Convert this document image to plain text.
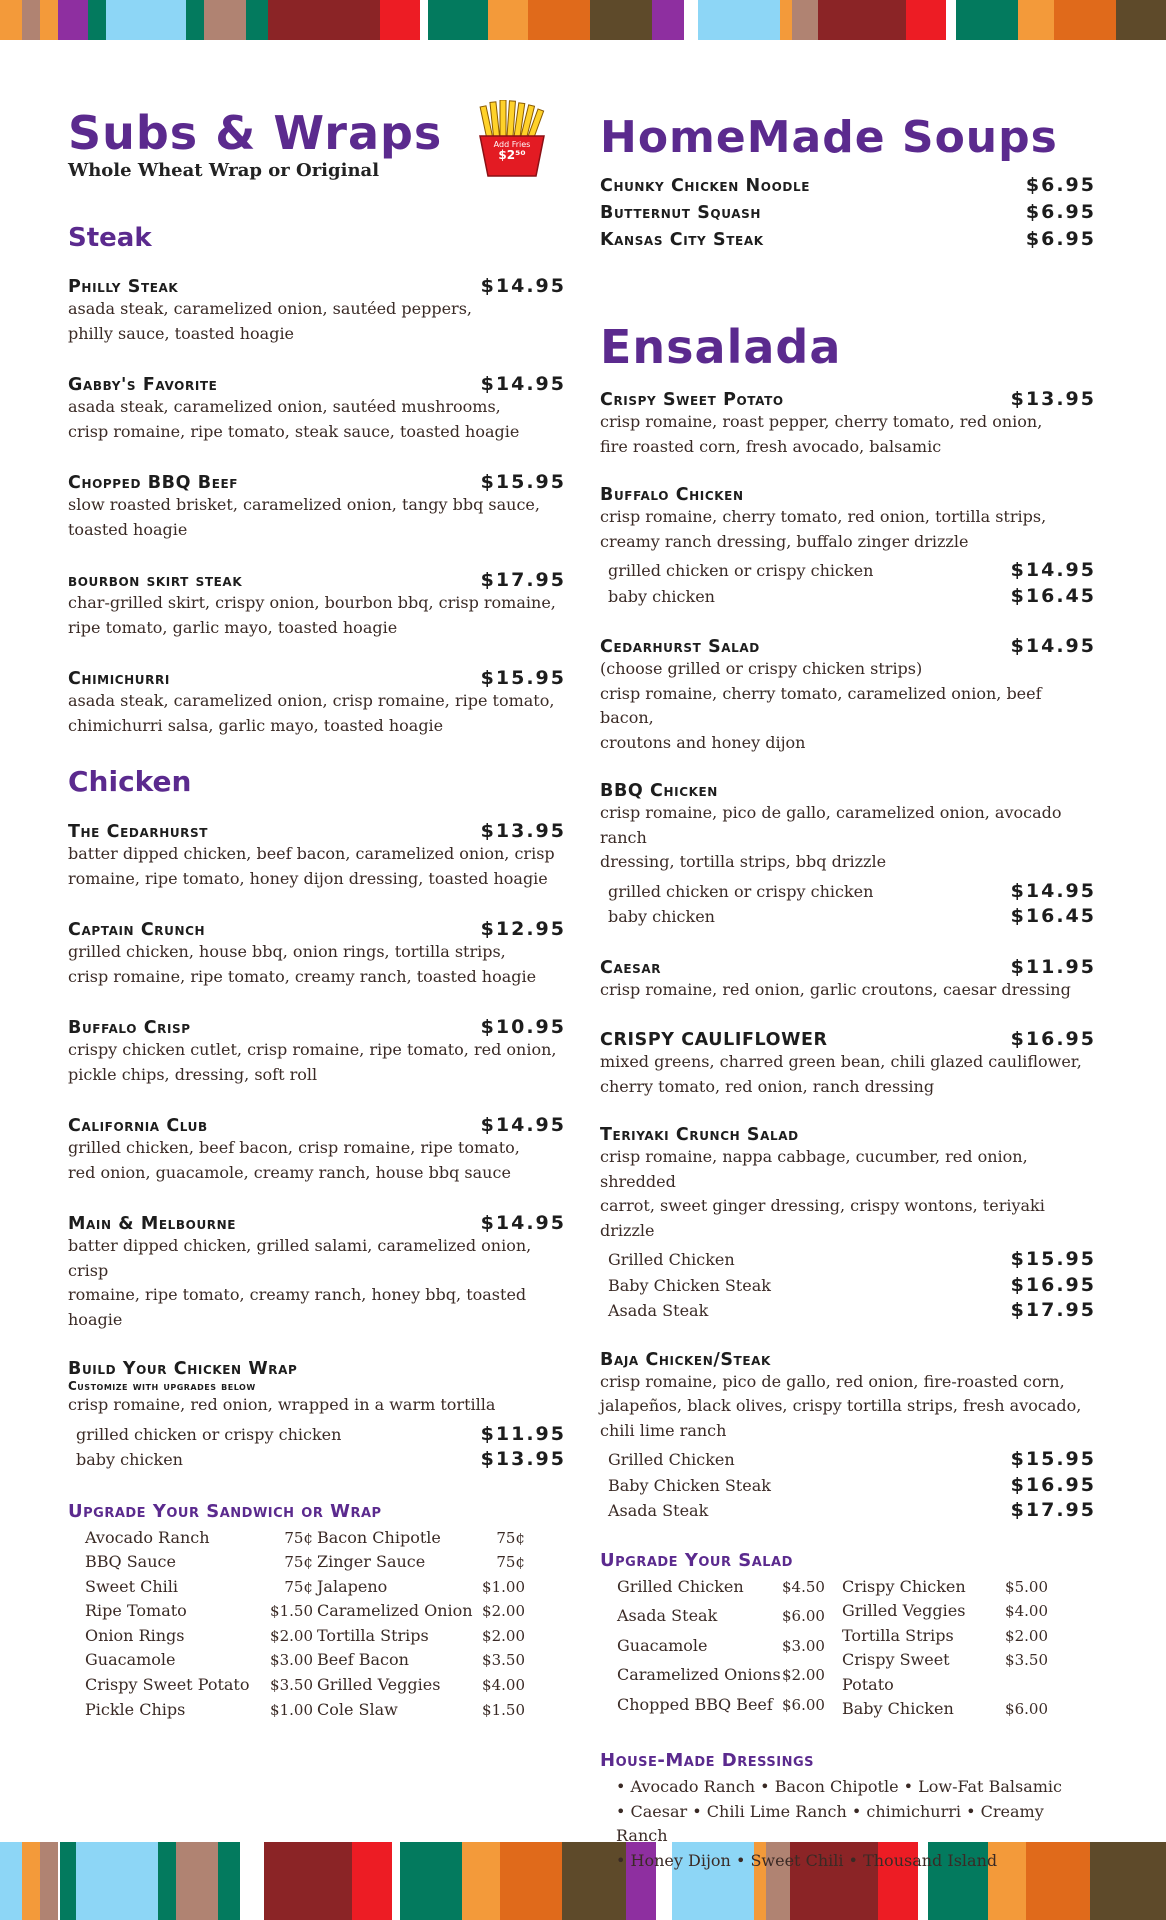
Add Fries
$2⁵⁰
Subs & Wraps
Whole Wheat Wrap or Original
Steak
Philly Steak	$14.95
asada steak, caramelized onion, sautéed peppers,
philly sauce, toasted hoagie
Gabby's Favorite	$14.95
asada steak, caramelized onion, sautéed mushrooms,
crisp romaine, ripe tomato, steak sauce, toasted hoagie
Chopped BBQ Beef	$15.95
slow roasted brisket, caramelized onion, tangy bbq sauce,
toasted hoagie
bourbon skirt steak	$17.95
char-grilled skirt, crispy onion, bourbon bbq, crisp romaine,
ripe tomato, garlic mayo, toasted hoagie
Chimichurri	$15.95
asada steak, caramelized onion, crisp romaine, ripe tomato,
chimichurri salsa, garlic mayo, toasted hoagie
Chicken
The Cedarhurst	$13.95
batter dipped chicken, beef bacon, caramelized onion, crisp
romaine, ripe tomato, honey dijon dressing, toasted hoagie
Captain Crunch	$12.95
grilled chicken, house bbq, onion rings, tortilla strips,
crisp romaine, ripe tomato, creamy ranch, toasted hoagie
Buffalo Crisp	$10.95
crispy chicken cutlet, crisp romaine, ripe tomato, red onion,
pickle chips, dressing, soft roll
California Club	$14.95
grilled chicken, beef bacon, crisp romaine, ripe tomato,
red onion, guacamole, creamy ranch, house bbq sauce
Main & Melbourne	$14.95
batter dipped chicken, grilled salami, caramelized onion, crisp
romaine, ripe tomato, creamy ranch, honey bbq, toasted hoagie
Build Your Chicken Wrap
Customize with upgrades below
crisp romaine, red onion, wrapped in a warm tortilla
grilled chicken or crispy chicken	$11.95
baby chicken	$13.95
Upgrade Your Sandwich or Wrap
Avocado Ranch	75¢
BBQ Sauce	75¢
Sweet Chili	75¢
Ripe Tomato	$1.50
Onion Rings	$2.00
Guacamole	$3.00
Crispy Sweet Potato	$3.50
Pickle Chips	$1.00
Bacon Chipotle	75¢
Zinger Sauce	75¢
Jalapeno	$1.00
Caramelized Onion $2.00
Tortilla Strips	$2.00
Beef Bacon	$3.50
Grilled Veggies	$4.00
Cole Slaw	$1.50
HomeMade Soups
Chunky Chicken Noodle	$6.95
Butternut Squash	$6.95
Kansas City Steak	$6.95
Ensalada
Crispy Sweet Potato	$13.95
crisp romaine, roast pepper, cherry tomato, red onion,
fire roasted corn, fresh avocado, balsamic
Buffalo Chicken
crisp romaine, cherry tomato, red onion, tortilla strips,
creamy ranch dressing, buffalo zinger drizzle
grilled chicken or crispy chicken	$14.95
baby chicken	$16.45
Cedarhurst Salad	$14.95
(choose grilled or crispy chicken strips)
crisp romaine, cherry tomato, caramelized onion, beef bacon,
croutons and honey dijon
BBQ Chicken
crisp romaine, pico de gallo, caramelized onion, avocado ranch
dressing, tortilla strips, bbq drizzle
grilled chicken or crispy chicken	$14.95
baby chicken	$16.45
Caesar	$11.95
crisp romaine, red onion, garlic croutons, caesar dressing
CRISPY CAULIFLOWER	$16.95
mixed greens, charred green bean, chili glazed cauliflower,
cherry tomato, red onion, ranch dressing
Teriyaki Crunch Salad
crisp romaine, nappa cabbage, cucumber, red onion, shredded
carrot, sweet ginger dressing, crispy wontons, teriyaki drizzle
Grilled Chicken	$15.95
Baby Chicken Steak	$16.95
Asada Steak	$17.95
Baja Chicken/Steak
crisp romaine, pico de gallo, red onion, fire-roasted corn,
jalapeños, black olives, crispy tortilla strips, fresh avocado,
chili lime ranch
Grilled Chicken	$15.95
Baby Chicken Steak	$16.95
Asada Steak	$17.95
Upgrade Your Salad
Grilled Chicken	$4.50
Asada Steak	$6.00
Guacamole	$3.00
Caramelized Onions $2.00
Chopped BBQ Beef $6.00
Crispy Chicken	$5.00
Grilled Veggies	$4.00
Tortilla Strips	$2.00
Crispy Sweet Potato
$3.50
Baby Chicken	$6.00
House-Made Dressings
• Avocado Ranch • Bacon Chipotle • Low-Fat Balsamic
• Caesar • Chili Lime Ranch • chimichurri • Creamy Ranch
• Honey Dijon • Sweet Chili • Thousand Island
